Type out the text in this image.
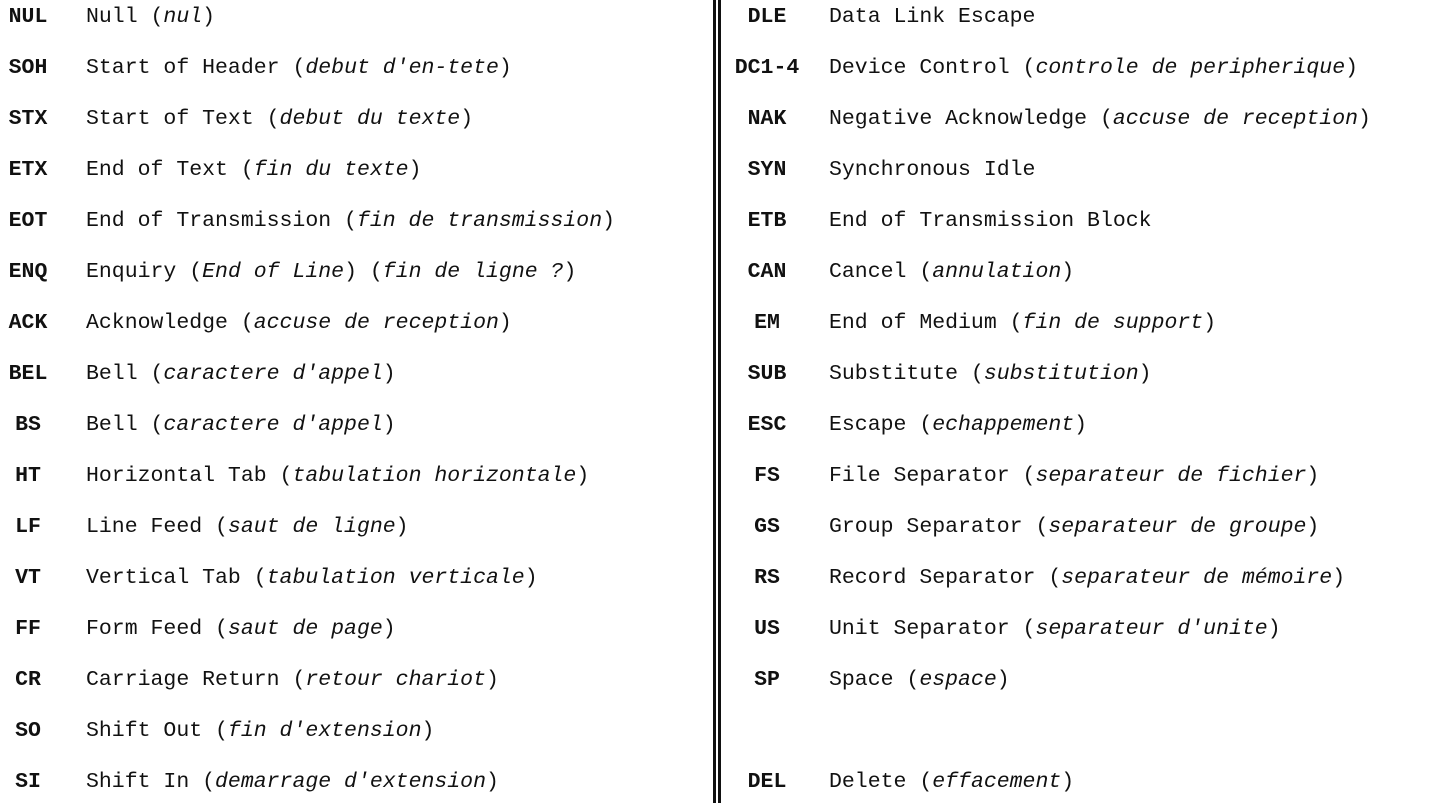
NUL	Null (nul)
SOH	Start of Header (debut d'en-tete)
STX	Start of Text (debut du texte)
ETX	End of Text (fin du texte)
EOT	End of Transmission (fin de transmission)
ENQ	Enquiry (End of Line) (fin de ligne ?)
ACK	Acknowledge (accuse de reception)
BEL	Bell (caractere d'appel)
BS	Bell (caractere d'appel)
HT	Horizontal Tab (tabulation horizontale)
LF	Line Feed (saut de ligne)
VT	Vertical Tab (tabulation verticale)
FF	Form Feed (saut de page)
CR	Carriage Return (retour chariot)
SO	Shift Out (fin d'extension)
SI	Shift In (demarrage d'extension)
DLE	Data Link Escape
DC1-4	Device Control (controle de peripherique)
NAK	Negative Acknowledge (accuse de reception)
SYN	Synchronous Idle
ETB	End of Transmission Block
CAN	Cancel (annulation)
EM	End of Medium (fin de support)
SUB	Substitute (substitution)
ESC	Escape (echappement)
FS	File Separator (separateur de fichier)
GS	Group Separator (separateur de groupe)
RS	Record Separator (separateur de mémoire)
US	Unit Separator (separateur d'unite)
SP	Space (espace)
DEL	Delete (effacement)
